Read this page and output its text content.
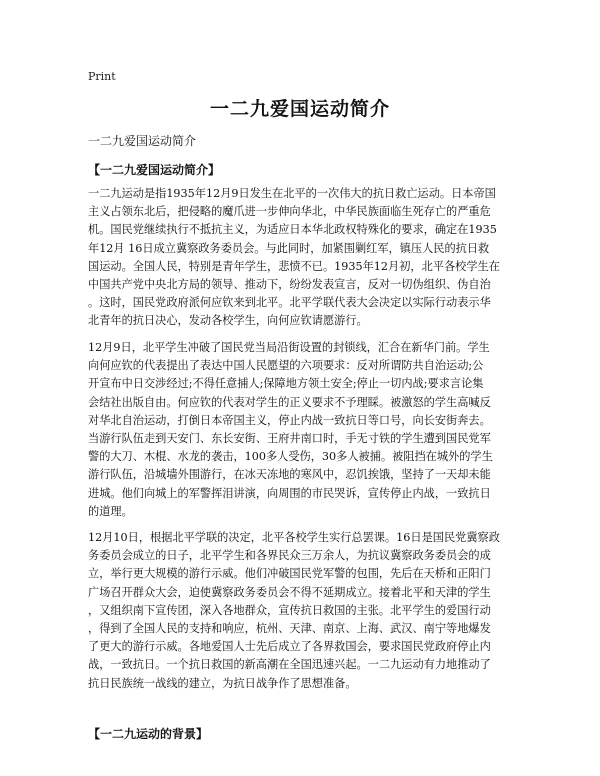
Print
一二九爱国运动简介
一二九爱国运动简介
【一二九爱国运动简介】
一二九运动是指1935年12月9日发生在北平的一次伟大的抗日救亡运动。日本帝国
主义占领东北后，把侵略的魔爪进一步伸向华北，中华民族面临生死存亡的严重危
机。国民党继续执行不抵抗主义，为适应日本华北政权特殊化的要求，确定在1935
年12月 16日成立冀察政务委员会。与此同时，加紧围剿红军，镇压人民的抗日救
国运动。全国人民，特别是青年学生，悲愤不已。1935年12月初，北平各校学生在
中国共产党中央北方局的领导、推动下，纷纷发表宣言，反对一切伪组织、伪自治
。这时，国民党政府派何应钦来到北平。北平学联代表大会决定以实际行动表示华
北青年的抗日决心，发动各校学生，向何应钦请愿游行。
12月9日，北平学生冲破了国民党当局沿街设置的封锁线，汇合在新华门前。学生
向何应钦的代表提出了表达中国人民愿望的六项要求：反对所谓防共自治运动;公
开宣布中日交涉经过;不得任意捕人;保障地方领土安全;停止一切内战;要求言论集
会结社出版自由。何应钦的代表对学生的正义要求不予理睬。被激怒的学生高喊反
对华北自治运动，打倒日本帝国主义，停止内战一致抗日等口号，向长安街奔去。
当游行队伍走到天安门、东长安街、王府井南口时，手无寸铁的学生遭到国民党军
警的大刀、木棍、水龙的袭击，100多人受伤，30多人被捕。被阻挡在城外的学生
游行队伍，沿城墙外围游行，在冰天冻地的寒风中，忍饥挨饿，坚持了一天却未能
进城。他们向城上的军警挥泪讲演，向周围的市民哭诉，宣传停止内战，一致抗日
的道理。
12月10日，根据北平学联的决定，北平各校学生实行总罢课。16日是国民党冀察政
务委员会成立的日子，北平学生和各界民众三万余人，为抗议冀察政务委员会的成
立，举行更大规模的游行示威。他们冲破国民党军警的包围，先后在天桥和正阳门
广场召开群众大会，迫使冀察政务委员会不得不延期成立。接着北平和天津的学生
，又组织南下宣传团，深入各地群众，宣传抗日救国的主张。北平学生的爱国行动
，得到了全国人民的支持和响应，杭州、天津、南京、上海、武汉、南宁等地爆发
了更大的游行示威。各地爱国人士先后成立了各界救国会，要求国民党政府停止内
战，一致抗日。一个抗日救国的新高潮在全国迅速兴起。一二九运动有力地推动了
抗日民族统一战线的建立，为抗日战争作了思想准备。
【一二九运动的背景】
